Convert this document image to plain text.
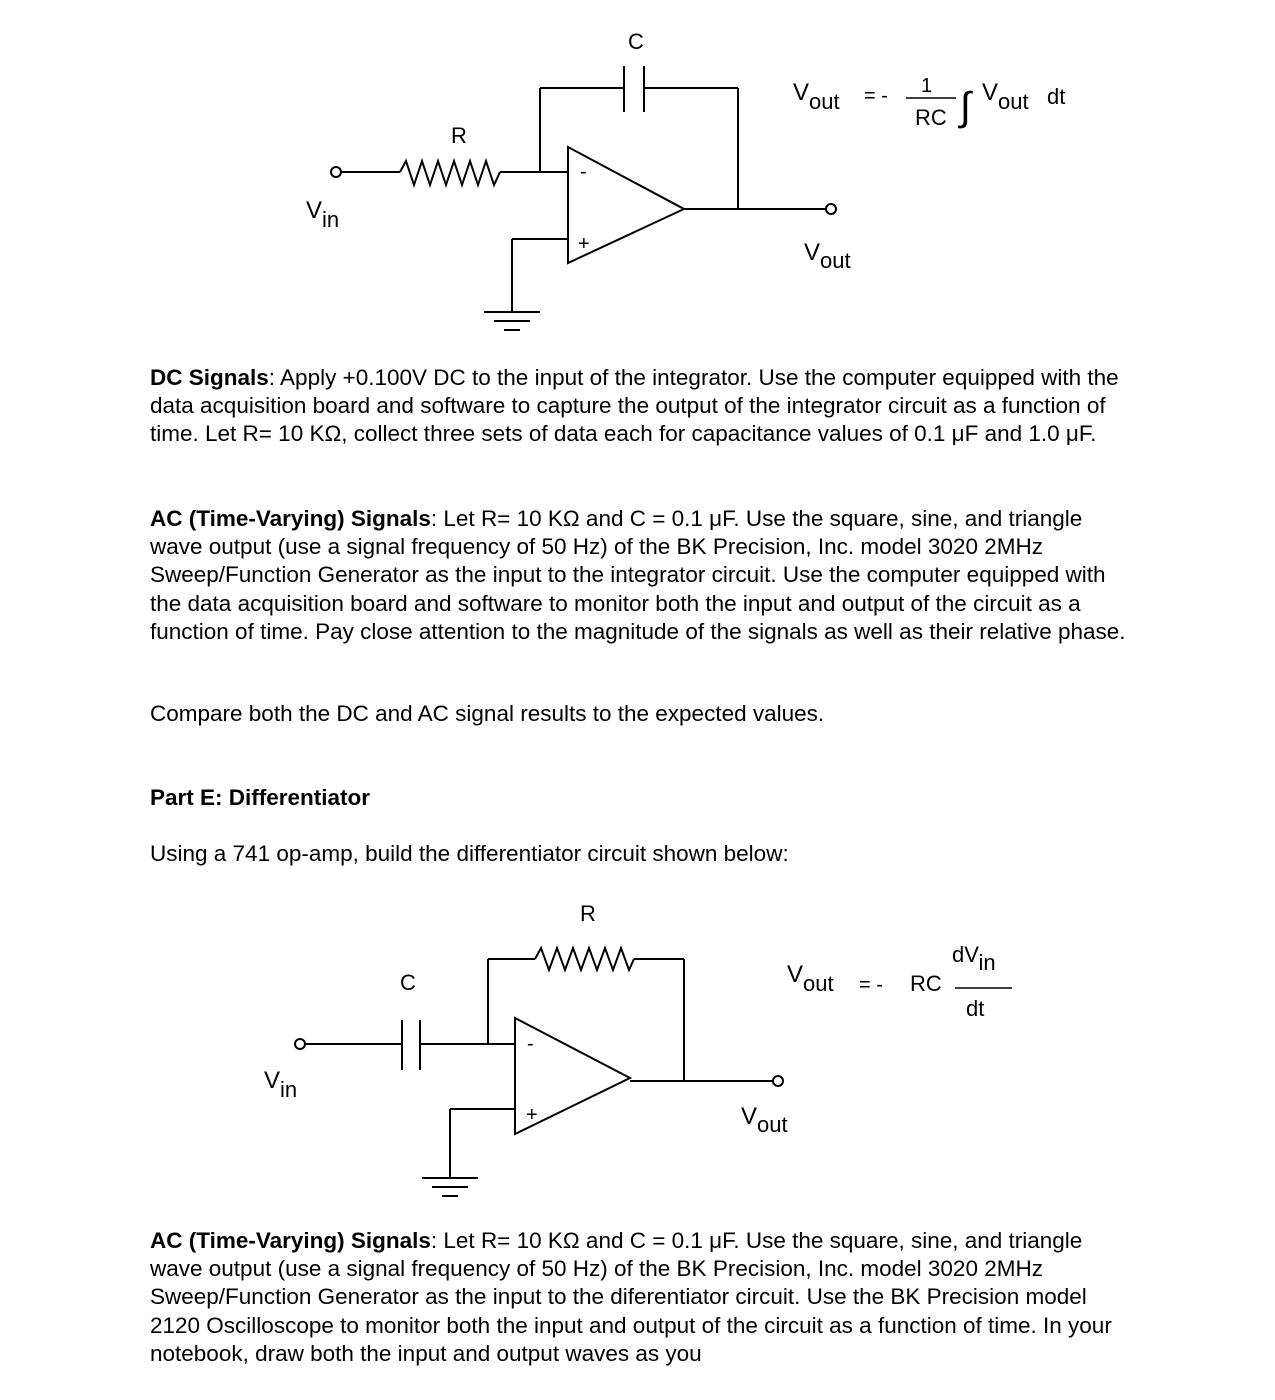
C
R
-
+
Vin
Vout
Vout = - 1
RC ∫ Vout dt

DC Signals: Apply +0.100V DC to the input of the integrator. Use the computer equipped with the data acquisition board and software to capture the output of the integrator circuit as a function of time. Let R= 10 KΩ, collect three sets of data each for capacitance values of 0.1 μF and 1.0 μF.

AC (Time-Varying) Signals: Let R= 10 KΩ and C = 0.1 μF. Use the square, sine, and triangle wave output (use a signal frequency of 50 Hz) of the BK Precision, Inc. model 3020 2MHz Sweep/Function Generator as the input to the integrator circuit. Use the computer equipped with the data acquisition board and software to monitor both the input and output of the circuit as a function of time. Pay close attention to the magnitude of the signals as well as their relative phase.

Compare both the DC and AC signal results to the expected values.

Part E: Differentiator

Using a 741 op-amp, build the differentiator circuit shown below:

R
C
-
+
Vin
Vout
Vout = - RC
dVin
dt

AC (Time-Varying) Signals: Let R= 10 KΩ and C = 0.1 μF. Use the square, sine, and triangle wave output (use a signal frequency of 50 Hz) of the BK Precision, Inc. model 3020 2MHz Sweep/Function Generator as the input to the diferentiator circuit. Use the BK Precision model 2120 Oscilloscope to monitor both the input and output of the circuit as a function of time. In your notebook, draw both the input and output waves as you
